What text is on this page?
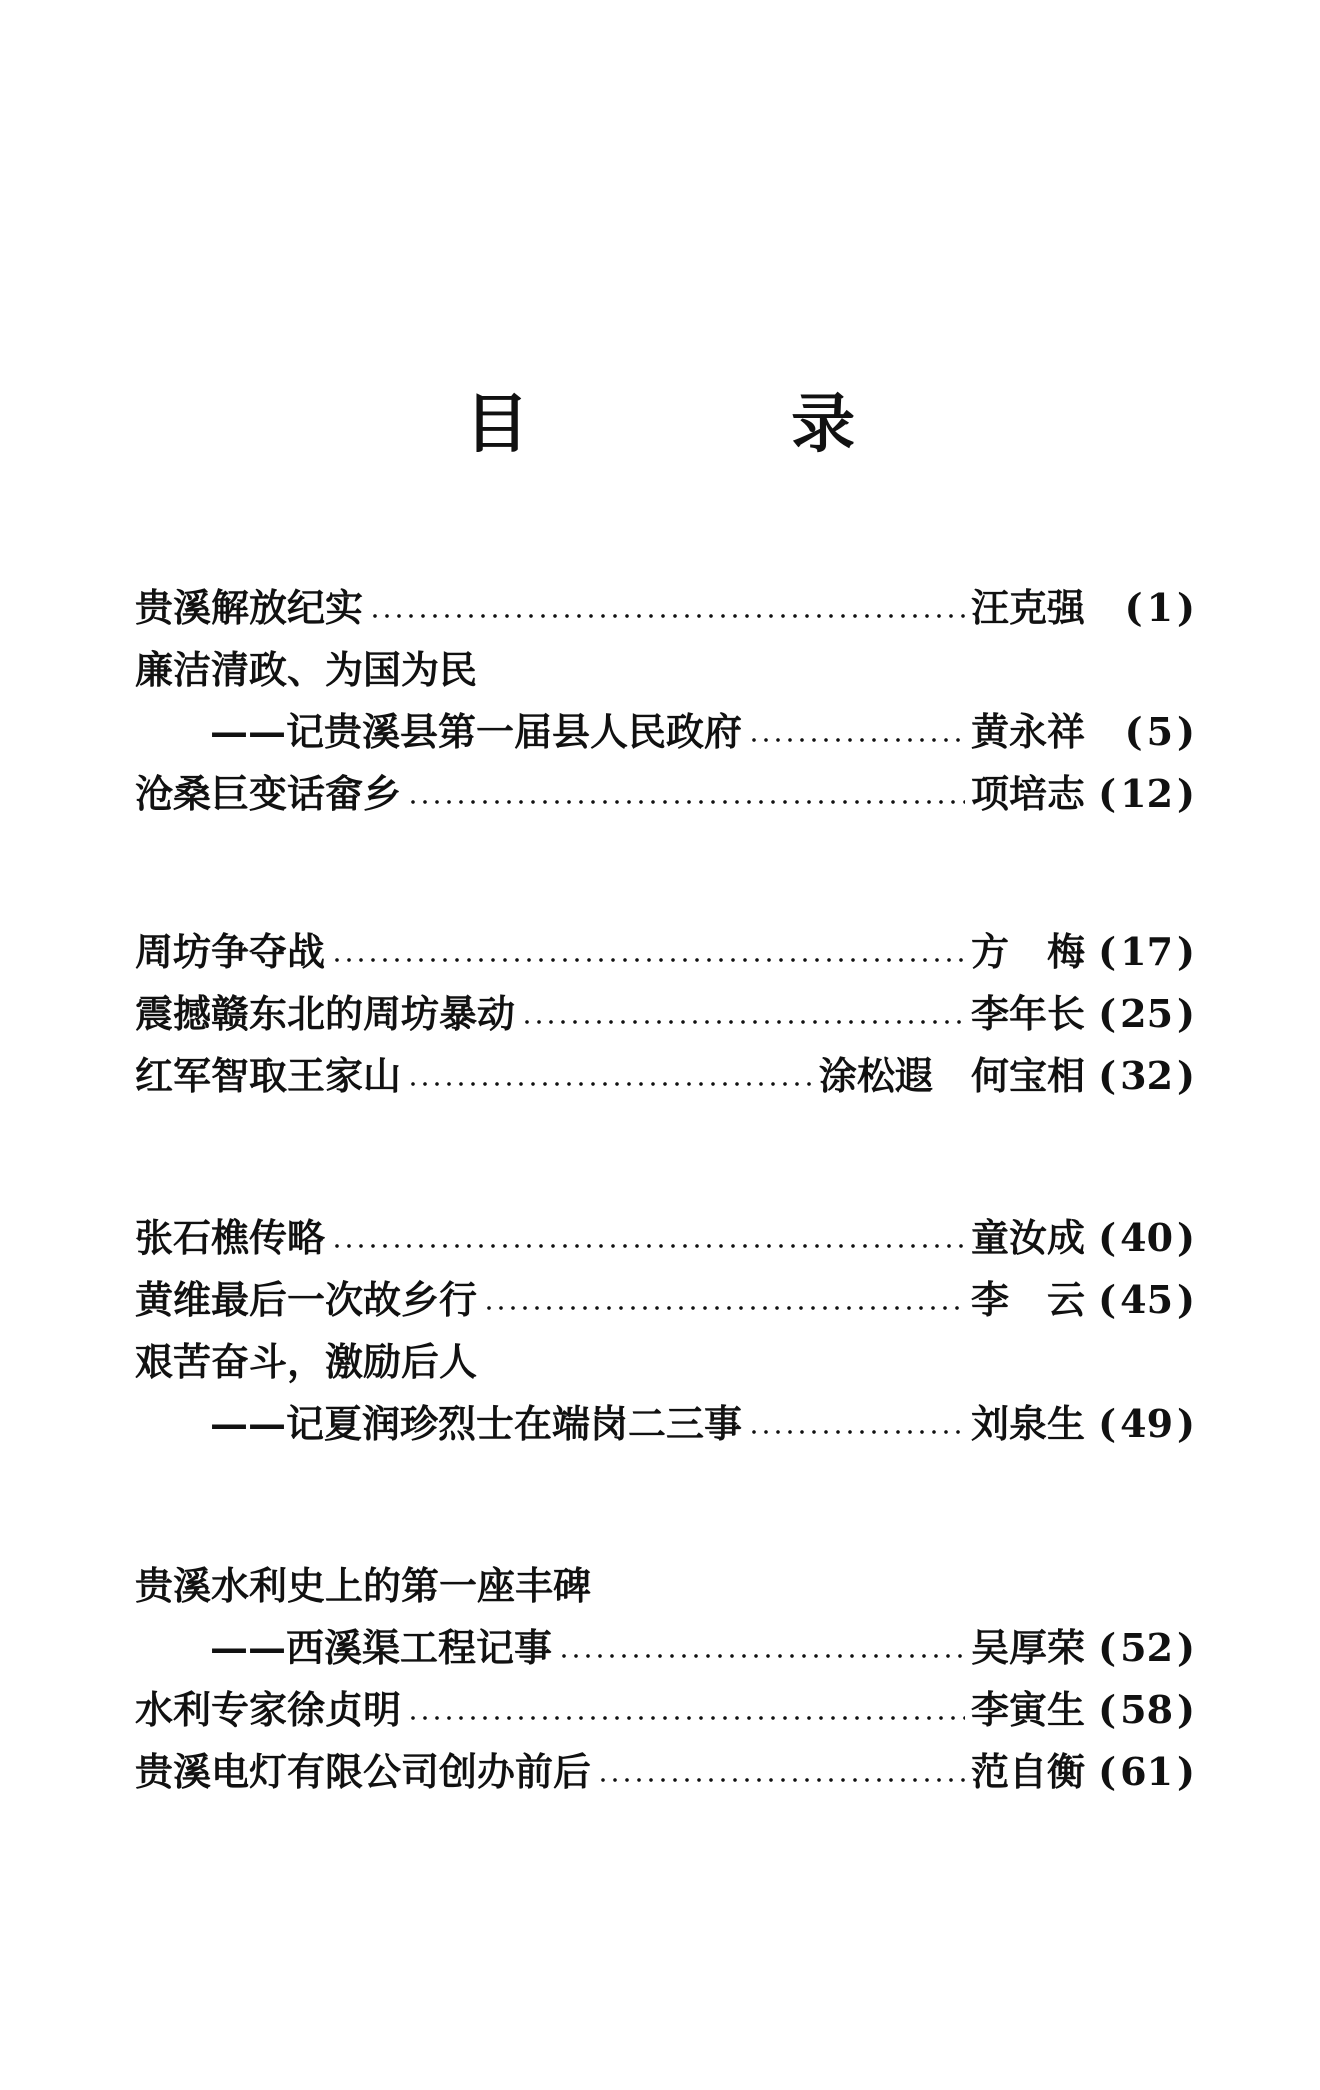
目 录
贵溪解放纪实	汪克强	( 1 )
廉洁清政、为国为民
——记贵溪县第一届县人民政府	黄永祥	( 5 )
沧桑巨变话畲乡	项培志 ( 12 )
周坊争夺战	方　梅 ( 17 )
震撼赣东北的周坊暴动	李年长 ( 25 )
红军智取王家山	涂松遐　何宝相 ( 32 )
张石樵传略	童汝成 ( 40 )
黄维最后一次故乡行	李　云 ( 45 )
艰苦奋斗，激励后人
——记夏润珍烈士在端岗二三事	刘泉生 ( 49 )
贵溪水利史上的第一座丰碑
——西溪渠工程记事	吴厚荣 ( 52 )
水利专家徐贞明	李寅生 ( 58 )
贵溪电灯有限公司创办前后	范自衡 ( 61 )
